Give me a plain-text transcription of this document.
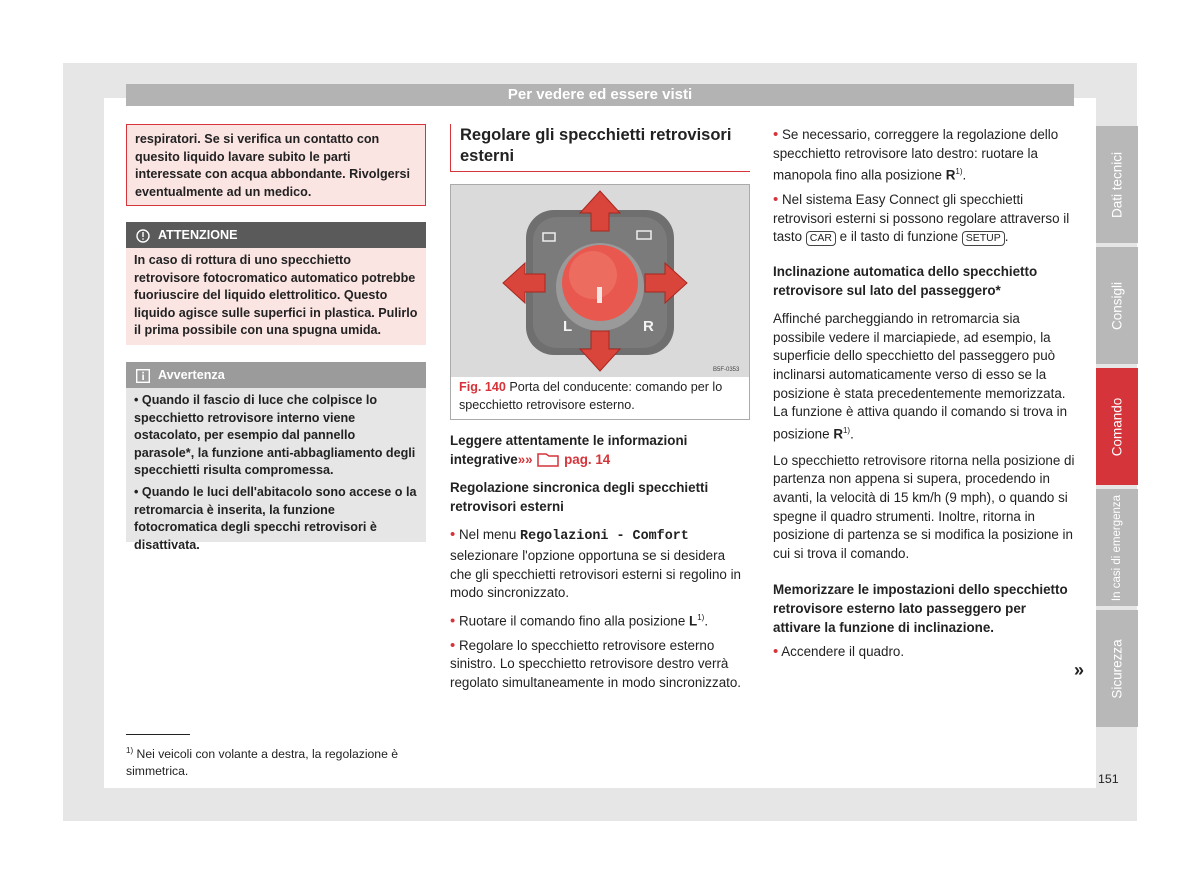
Per vedere ed essere visti
respiratori. Se si verifica un contatto con quesito liquido lavare subito le parti interessate con acqua abbondante. Rivolgersi eventualmente ad un medico.
ATTENZIONE
In caso di rottura di uno specchietto retrovisore fotocromatico automatico potrebbe fuoriuscire del liquido elettrolitico. Questo liquido agisce sulle superfici in plastica. Pulirlo il prima possibile con una spugna umida.
Avvertenza

• Quando il fascio di luce che colpisce lo specchietto retrovisore interno viene ostacolato, per esempio dal pannello parasole*, la funzione anti-abbagliamento degli specchietti risulta compromessa.

• Quando le luci dell'abitacolo sono accese o la retromarcia è inserita, la funzione fotocromatica degli specchi retrovisori è disattivata.

$^{1)}$ Nei veicoli con volante a destra, la regolazione è simmetrica.
Regolare gli specchietti retrovisori esterni
L	R
B5F-0353
Fig. 140 Porta del conducente: comando per lo specchietto retrovisore esterno.

Leggere attentamente le informazioni integrative»» pag. 14

Regolazione sincronica degli specchietti retrovisori esterni

• Nel menu Regolazioni - Comfort selezionare l'opzione opportuna se si desidera che gli specchietti retrovisori esterni si regolino in modo sincronizzato.

• Ruotare il comando fino alla posizione $L^{1)}$.

• Regolare lo specchietto retrovisore esterno sinistro. Lo specchietto retrovisore destro verrà regolato simultaneamente in modo sincronizzato.

• Se necessario, correggere la regolazione dello specchietto retrovisore lato destro: ruotare la manopola fino alla posizione $R^{1)}$.

• Nel sistema Easy Connect gli specchietti retrovisori esterni si possono regolare attraverso il tasto CAR e il tasto di funzione SETUP .

Inclinazione automatica dello specchietto retrovisore sul lato del passeggero*

Affinché parcheggiando in retromarcia sia possibile vedere il marciapiede, ad esempio, la superficie dello specchietto del passeggero può inclinarsi automaticamente verso di esso se la posizione è stata precedentemente memorizzata. La funzione è attiva quando il comando si trova in posizione $R^{1)}$.

Lo specchietto retrovisore ritorna nella posizione di partenza non appena si supera, procedendo in avanti, la velocità di 15 km/h (9 mph), o quando si spegne il quadro strumenti. Inoltre, ritorna in posizione di partenza se si modifica la posizione in cui si trova il comando.

Memorizzare le impostazioni dello specchietto retrovisore esterno lato passeggero per attivare la funzione di inclinazione.

• Accendere il quadro.

»
Dati tecnici
Consigli
Comando
In casi di emergenza
Sicurezza
151
